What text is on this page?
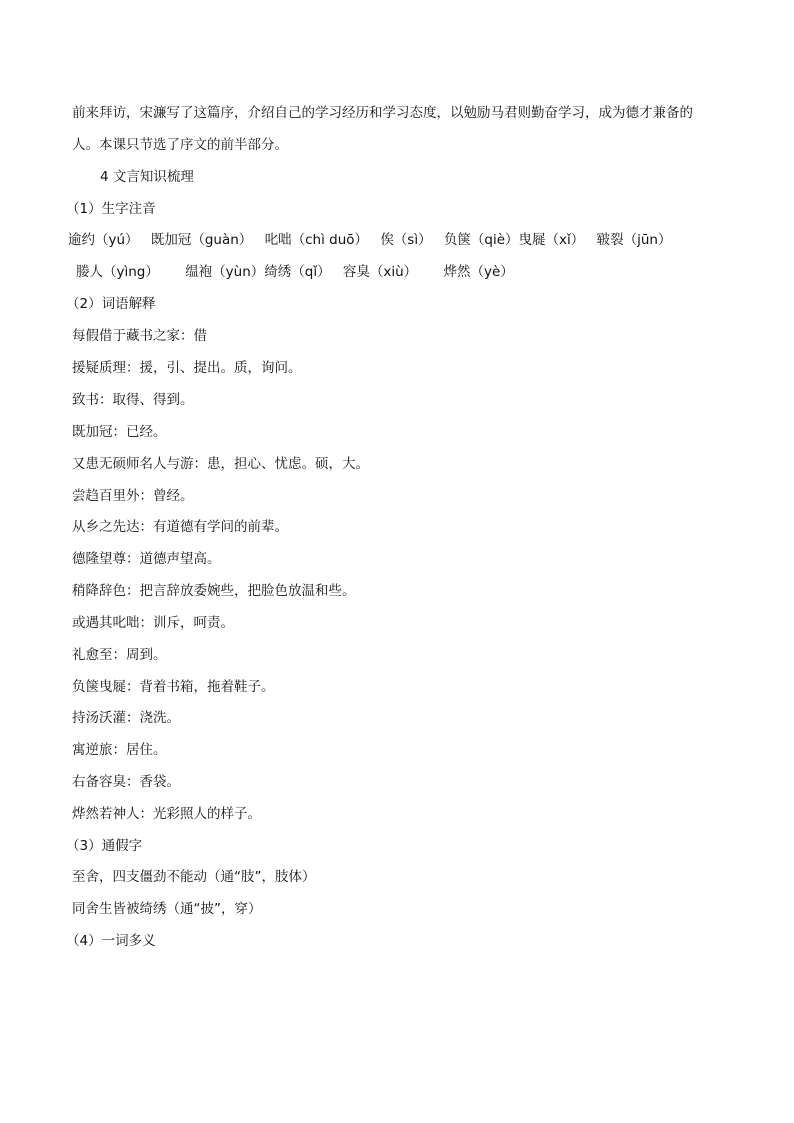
前来拜访，宋濂写了这篇序，介绍自己的学习经历和学习态度，以勉励马君则勤奋学习，成为德才兼备的
人。本课只节选了序文的前半部分。
4 文言知识梳理
（1）生字注音
逾约（yú） 既加冠（guàn） 叱咄（chì duō） 俟（sì） 负箧（qiè）曳屣（xǐ） 皲裂（jūn）
媵人（yìng） 缊袍（yùn）绮绣（qǐ） 容臭（xiù） 烨然（yè）
（2）词语解释
每假借于藏书之家：借
援疑质理：援，引、提出。质，询问。
致书：取得、得到。
既加冠：已经。
又患无硕师名人与游：患，担心、忧虑。硕，大。
尝趋百里外：曾经。
从乡之先达：有道德有学问的前辈。
德隆望尊：道德声望高。
稍降辞色：把言辞放委婉些，把脸色放温和些。
或遇其叱咄：训斥，呵责。
礼愈至：周到。
负箧曳屣：背着书箱，拖着鞋子。
持汤沃灌：浇洗。
寓逆旅：居住。
右备容臭：香袋。
烨然若神人：光彩照人的样子。
（3）通假字
至舍，四支僵劲不能动（通“肢”，肢体）
同舍生皆被绮绣（通“披”，穿）
（4）一词多义
